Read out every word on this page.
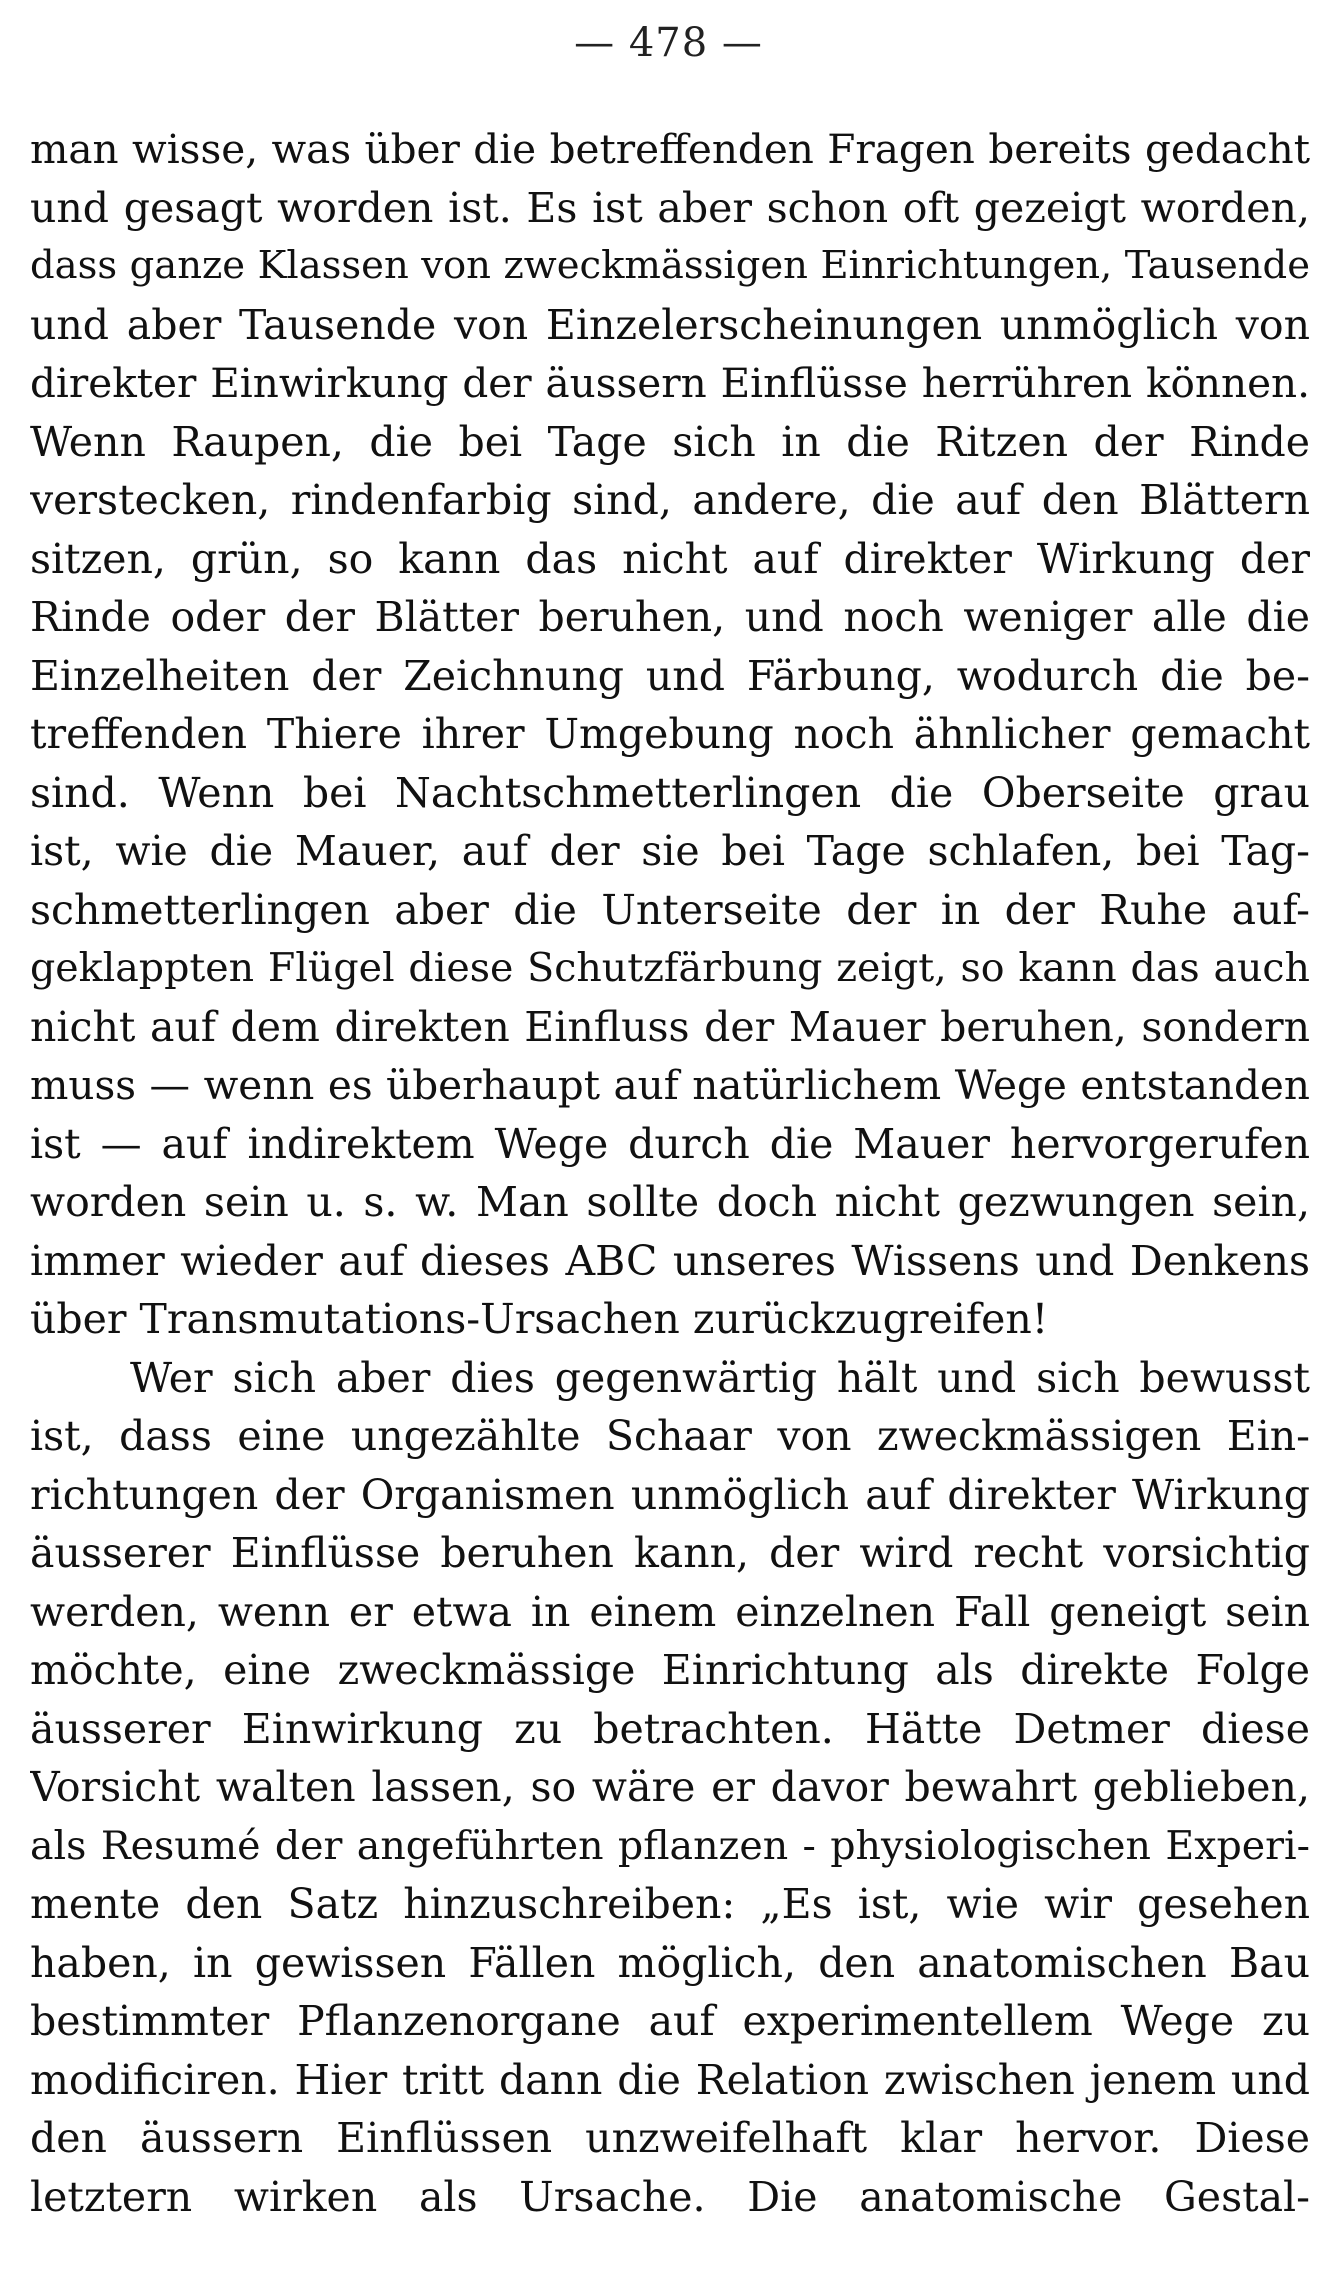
— 478 —
man wisse, was über die betreffenden Fragen bereits gedacht
und gesagt worden ist. Es ist aber schon oft gezeigt worden,
dass ganze Klassen von zweckmässigen Einrichtungen, Tausende
und aber Tausende von Einzelerscheinungen unmöglich von
direkter Einwirkung der äussern Einflüsse herrühren können.
Wenn Raupen, die bei Tage sich in die Ritzen der Rinde
verstecken, rindenfarbig sind, andere, die auf den Blättern
sitzen, grün, so kann das nicht auf direkter Wirkung der
Rinde oder der Blätter beruhen, und noch weniger alle die
Einzelheiten der Zeichnung und Färbung, wodurch die be-
treffenden Thiere ihrer Umgebung noch ähnlicher gemacht
sind. Wenn bei Nachtschmetterlingen die Oberseite grau
ist, wie die Mauer, auf der sie bei Tage schlafen, bei Tag-
schmetterlingen aber die Unterseite der in der Ruhe auf-
geklappten Flügel diese Schutzfärbung zeigt, so kann das auch
nicht auf dem direkten Einfluss der Mauer beruhen, sondern
muss — wenn es überhaupt auf natürlichem Wege entstanden
ist — auf indirektem Wege durch die Mauer hervorgerufen
worden sein u. s. w. Man sollte doch nicht gezwungen sein,
immer wieder auf dieses ABC unseres Wissens und Denkens
über Transmutations-Ursachen zurückzugreifen!
Wer sich aber dies gegenwärtig hält und sich bewusst
ist, dass eine ungezählte Schaar von zweckmässigen Ein-
richtungen der Organismen unmöglich auf direkter Wirkung
äusserer Einflüsse beruhen kann, der wird recht vorsichtig
werden, wenn er etwa in einem einzelnen Fall geneigt sein
möchte, eine zweckmässige Einrichtung als direkte Folge
äusserer Einwirkung zu betrachten. Hätte Detmer diese
Vorsicht walten lassen, so wäre er davor bewahrt geblieben,
als Resumé der angeführten pflanzen - physiologischen Experi-
mente den Satz hinzuschreiben: „Es ist, wie wir gesehen
haben, in gewissen Fällen möglich, den anatomischen Bau
bestimmter Pflanzenorgane auf experimentellem Wege zu
modificiren. Hier tritt dann die Relation zwischen jenem und
den äussern Einflüssen unzweifelhaft klar hervor. Diese
letztern wirken als Ursache. Die anatomische Gestal-
